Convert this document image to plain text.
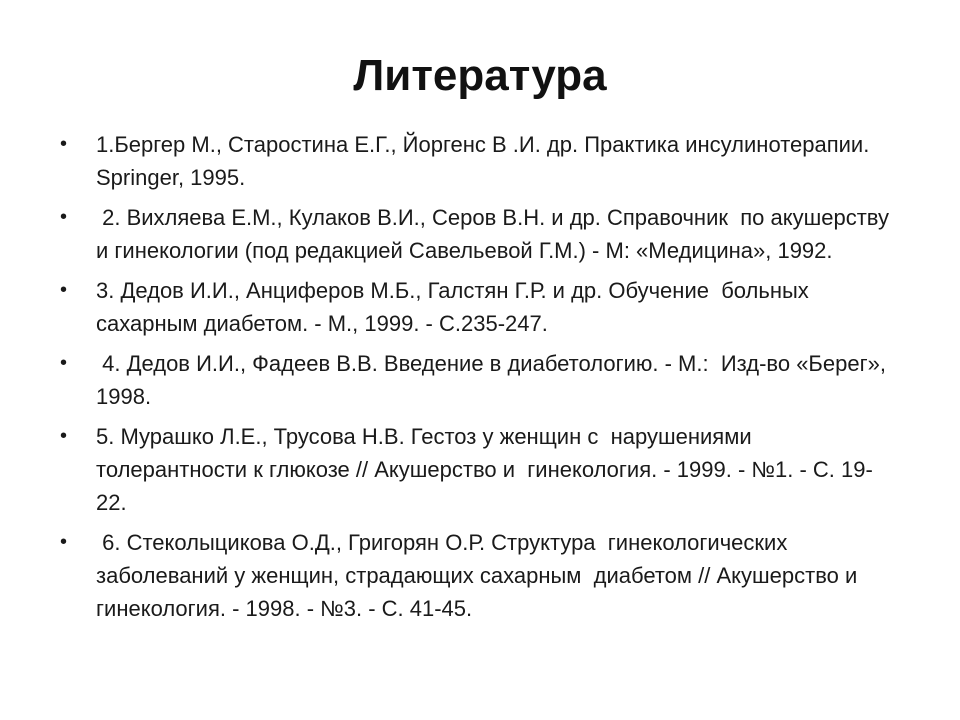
Литература
•	1.Бергер М., Старостина Е.Г., Йоргенс В .И. др. Практика инсулинотерапии. Springer, 1995.
•	2. Вихляева Е.М., Кулаков В.И., Серов В.Н. и др. Справочник  по акушерству и гинекологии (под редакцией Савельевой Г.М.) - М: «Медицина», 1992.
•	3. Дедов И.И., Анциферов М.Б., Галстян Г.Р. и др. Обучение  больных сахарным диабетом. - М., 1999. - С.235-247.
•	4. Дедов И.И., Фадеев В.В. Введение в диабетологию. - М.:  Изд-во «Берег», 1998.
•	5. Мурашко Л.Е., Трусова Н.В. Гестоз у женщин с  нарушениями толерантности к глюкозе // Акушерство и  гинекология. - 1999. - №1. - С. 19-22.
•	6. Стеколыцикова О.Д., Григорян О.Р. Структура  гинекологических заболеваний у женщин, страдающих сахарным  диабетом // Акушерство и гинекология. - 1998. - №3. - С. 41-45.
